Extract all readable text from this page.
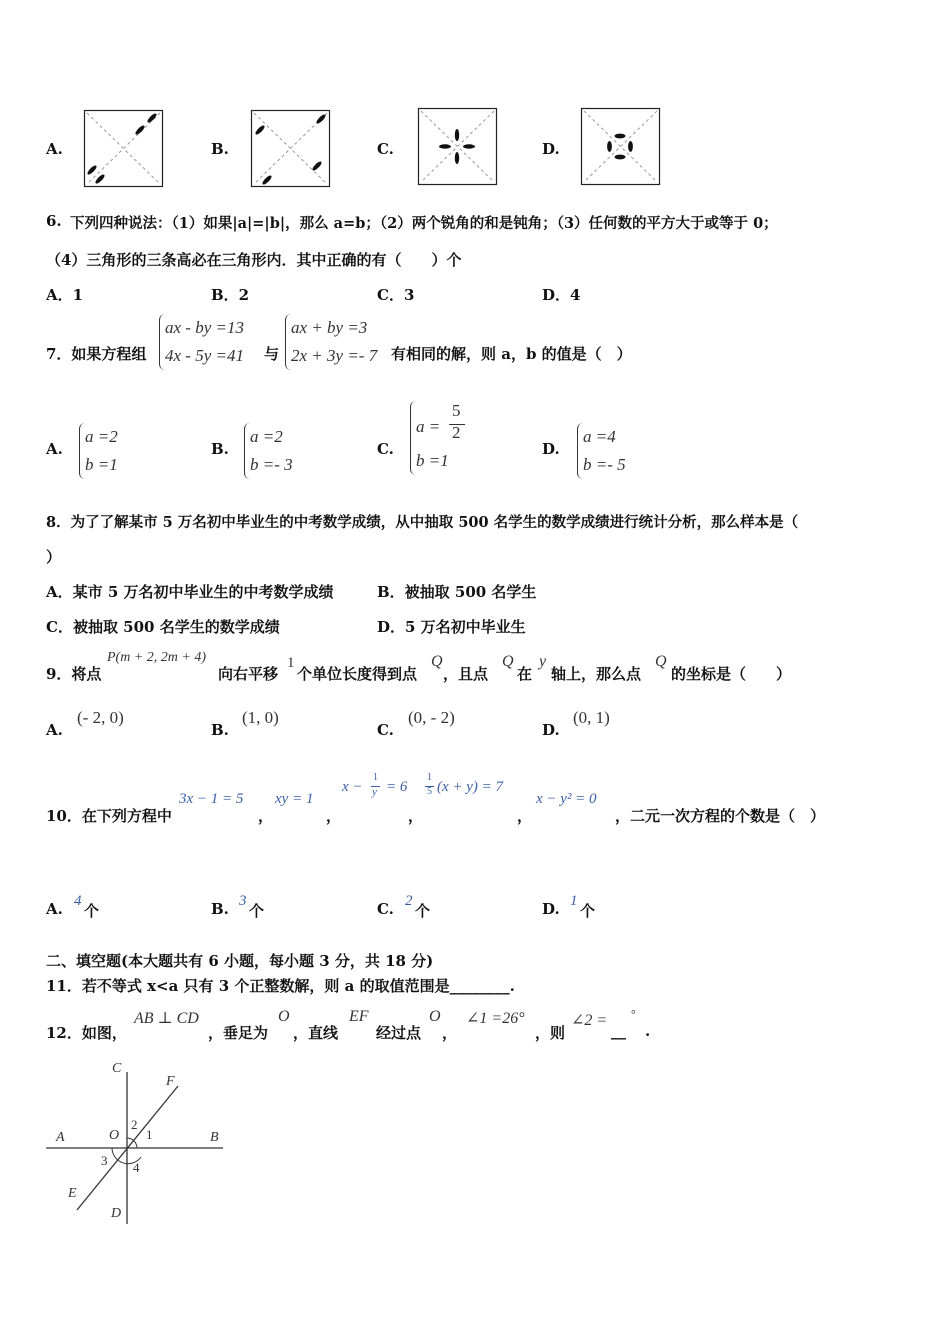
A.	B.	C.	D.
6. 下列四种说法：（1）如果|a|=|b|，那么 a=b；（2）两个锐角的和是钝角；（3）任何数的平方大于或等于 0；
（4）三角形的三条高必在三角形内．其中正确的有（　　）个
A．1	B．2	C．3	D．4
7．如果方程组
ax - by =13
4x - 5y =41 与
ax + by =3
2x + 3y =- 7 有相同的解，则 a，b 的值是（　）
A.
a =2
b =1
B.
a =2
b =- 3
C.
a =
5
2
b =1
D.
a =4
b =- 5
8．为了了解某市 5 万名初中毕业生的中考数学成绩，从中抽取 500 名学生的数学成绩进行统计分析，那么样本是（
）
A．某市 5 万名初中毕业生的中考数学成绩	B．被抽取 500 名学生
C．被抽取 500 名学生的数学成绩	D．5 万名初中毕业生
9．将点
P(m + 2, 2m + 4)
向右平移
1
个单位长度得到点
Q
，且点
Q
在
y
轴上，那么点
Q
的坐标是（　　）
A.
(- 2, 0)
B.
(1, 0)
C.
(0, - 2)
D.
(0, 1)
10．在下列方程中
3x − 1 = 5
，
xy = 1
，
x −
1
y = 6
，
1
5 (x + y) = 7
，
x − y² = 0
，二元一次方程的个数是（　）
A. 4
个	B. 3
个	C. 2
个	D. 1
个
二、填空题(本大题共有 6 小题，每小题 3 分，共 18 分)
11．若不等式 x<a 只有 3 个正整数解，则 a 的取值范围是________.
12．如图，
AB ⊥ CD
，垂足为
O
，直线
EF
经过点
O
，
∠1 =26°
，则
∠2 =
__
°
.
C
F
A	O 1
2
B
3 4
E
D
